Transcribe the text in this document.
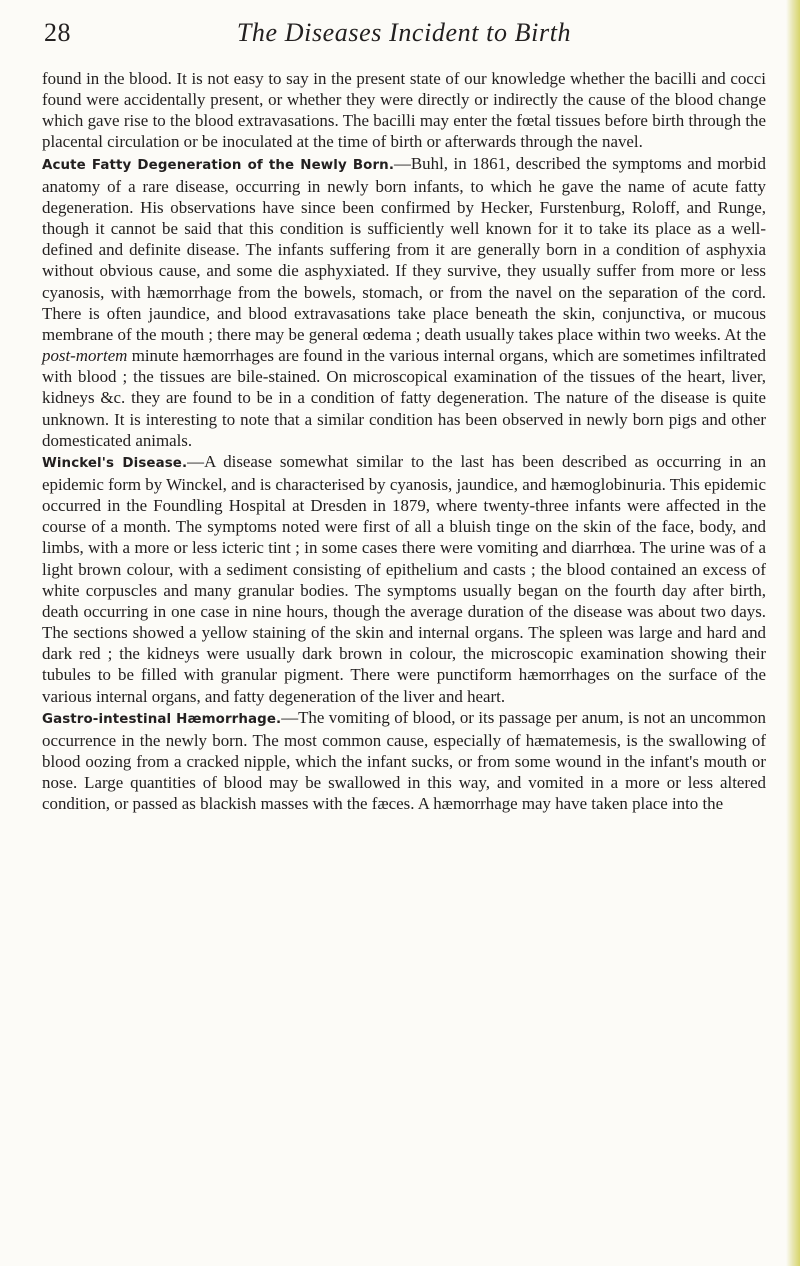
28	The Diseases Incident to Birth

found in the blood. It is not easy to say in the present state of our knowledge whether the bacilli and cocci found were accidentally present, or whether they were directly or indirectly the cause of the blood change which gave rise to the blood extravasations. The bacilli may enter the fœtal tissues before birth through the placental circulation or be inoculated at the time of birth or afterwards through the navel.

Acute Fatty Degeneration of the Newly Born.—Buhl, in 1861, described the symptoms and morbid anatomy of a rare disease, occurring in newly born infants, to which he gave the name of acute fatty degeneration. His observations have since been confirmed by Hecker, Furstenburg, Roloff, and Runge, though it cannot be said that this condition is sufficiently well known for it to take its place as a well-defined and definite disease. The infants suffering from it are generally born in a condition of asphyxia without obvious cause, and some die asphyxiated. If they survive, they usually suffer from more or less cyanosis, with hæmorrhage from the bowels, stomach, or from the navel on the separation of the cord. There is often jaundice, and blood extravasations take place beneath the skin, conjunctiva, or mucous membrane of the mouth ; there may be general œdema ; death usually takes place within two weeks. At the post-mortem minute hæmorrhages are found in the various internal organs, which are sometimes infiltrated with blood ; the tissues are bile-stained. On microscopical examination of the tissues of the heart, liver, kidneys &c. they are found to be in a condition of fatty degeneration. The nature of the disease is quite unknown. It is interesting to note that a similar condition has been observed in newly born pigs and other domesticated animals.

Winckel's Disease.—A disease somewhat similar to the last has been described as occurring in an epidemic form by Winckel, and is characterised by cyanosis, jaundice, and hæmoglobinuria. This epidemic occurred in the Foundling Hospital at Dresden in 1879, where twenty-three infants were affected in the course of a month. The symptoms noted were first of all a bluish tinge on the skin of the face, body, and limbs, with a more or less icteric tint ; in some cases there were vomiting and diarrhœa. The urine was of a light brown colour, with a sediment consisting of epithelium and casts ; the blood contained an excess of white corpuscles and many granular bodies. The symptoms usually began on the fourth day after birth, death occurring in one case in nine hours, though the average duration of the disease was about two days. The sections showed a yellow staining of the skin and internal organs. The spleen was large and hard and dark red ; the kidneys were usually dark brown in colour, the microscopic examination showing their tubules to be filled with granular pigment. There were punctiform hæmorrhages on the surface of the various internal organs, and fatty degeneration of the liver and heart.

Gastro-intestinal Hæmorrhage.—The vomiting of blood, or its passage per anum, is not an uncommon occurrence in the newly born. The most common cause, especially of hæmatemesis, is the swallowing of blood oozing from a cracked nipple, which the infant sucks, or from some wound in the infant's mouth or nose. Large quantities of blood may be swallowed in this way, and vomited in a more or less altered condition, or passed as blackish masses with the fæces. A hæmorrhage may have taken place into the
